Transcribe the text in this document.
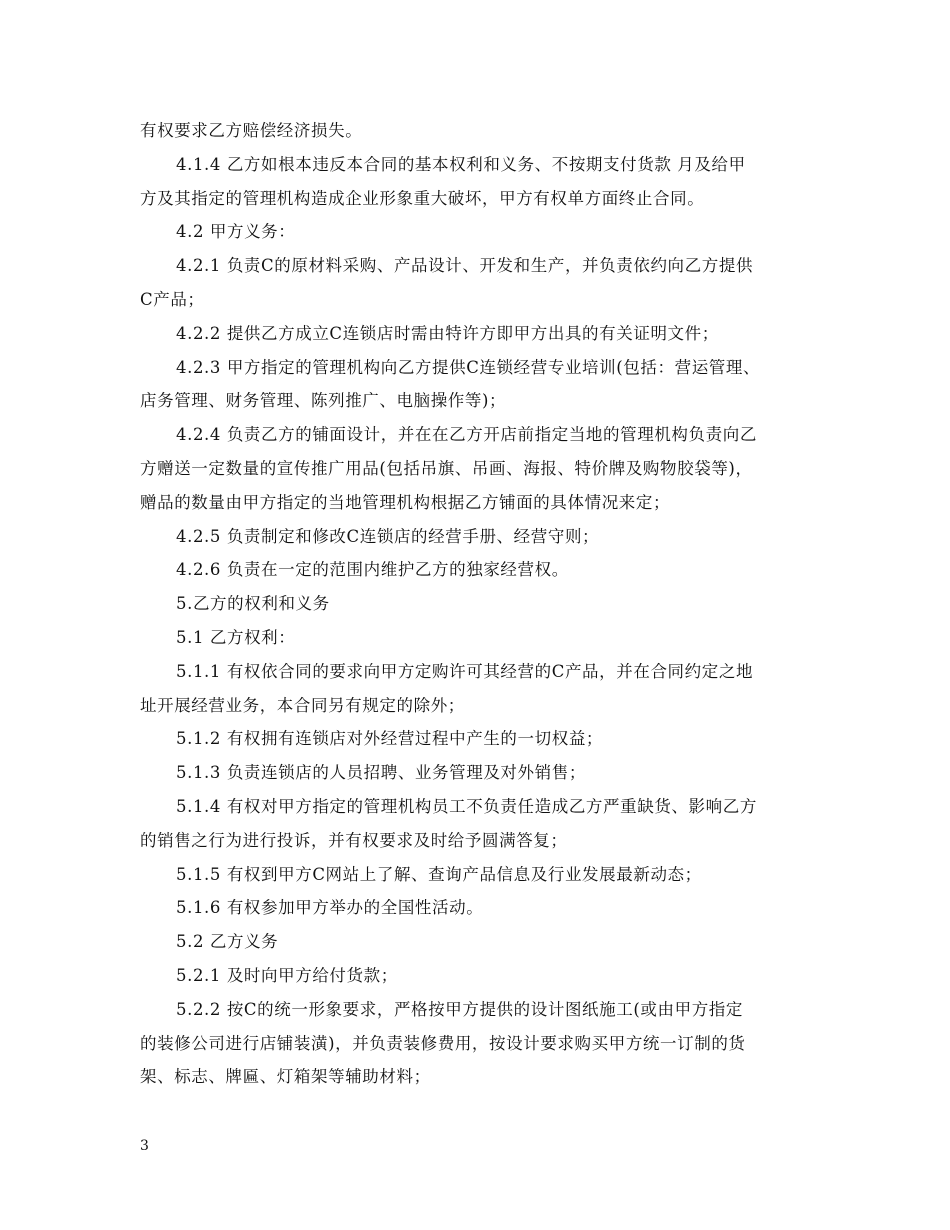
有权要求乙方赔偿经济损失。
4.1.4 乙方如根本违反本合同的基本权利和义务、不按期支付货款 月及给甲
方及其指定的管理机构造成企业形象重大破坏，甲方有权单方面终止合同。
4.2 甲方义务：
4.2.1 负责C的原材料采购、产品设计、开发和生产，并负责依约向乙方提供
C产品；
4.2.2 提供乙方成立C连锁店时需由特许方即甲方出具的有关证明文件；
4.2.3 甲方指定的管理机构向乙方提供C连锁经营专业培训(包括：营运管理、
店务管理、财务管理、陈列推广、电脑操作等)；
4.2.4 负责乙方的铺面设计，并在在乙方开店前指定当地的管理机构负责向乙
方赠送一定数量的宣传推广用品(包括吊旗、吊画、海报、特价牌及购物胶袋等)，
赠品的数量由甲方指定的当地管理机构根据乙方铺面的具体情况来定；
4.2.5 负责制定和修改C连锁店的经营手册、经营守则；
4.2.6 负责在一定的范围内维护乙方的独家经营权。
5.乙方的权利和义务
5.1 乙方权利：
5.1.1 有权依合同的要求向甲方定购许可其经营的C产品，并在合同约定之地
址开展经营业务，本合同另有规定的除外；
5.1.2 有权拥有连锁店对外经营过程中产生的一切权益；
5.1.3 负责连锁店的人员招聘、业务管理及对外销售；
5.1.4 有权对甲方指定的管理机构员工不负责任造成乙方严重缺货、影响乙方
的销售之行为进行投诉，并有权要求及时给予圆满答复；
5.1.5 有权到甲方C网站上了解、查询产品信息及行业发展最新动态；
5.1.6 有权参加甲方举办的全国性活动。
5.2 乙方义务
5.2.1 及时向甲方给付货款；
5.2.2 按C的统一形象要求，严格按甲方提供的设计图纸施工(或由甲方指定
的装修公司进行店铺装潢)，并负责装修费用，按设计要求购买甲方统一订制的货
架、标志、牌匾、灯箱架等辅助材料；
3
